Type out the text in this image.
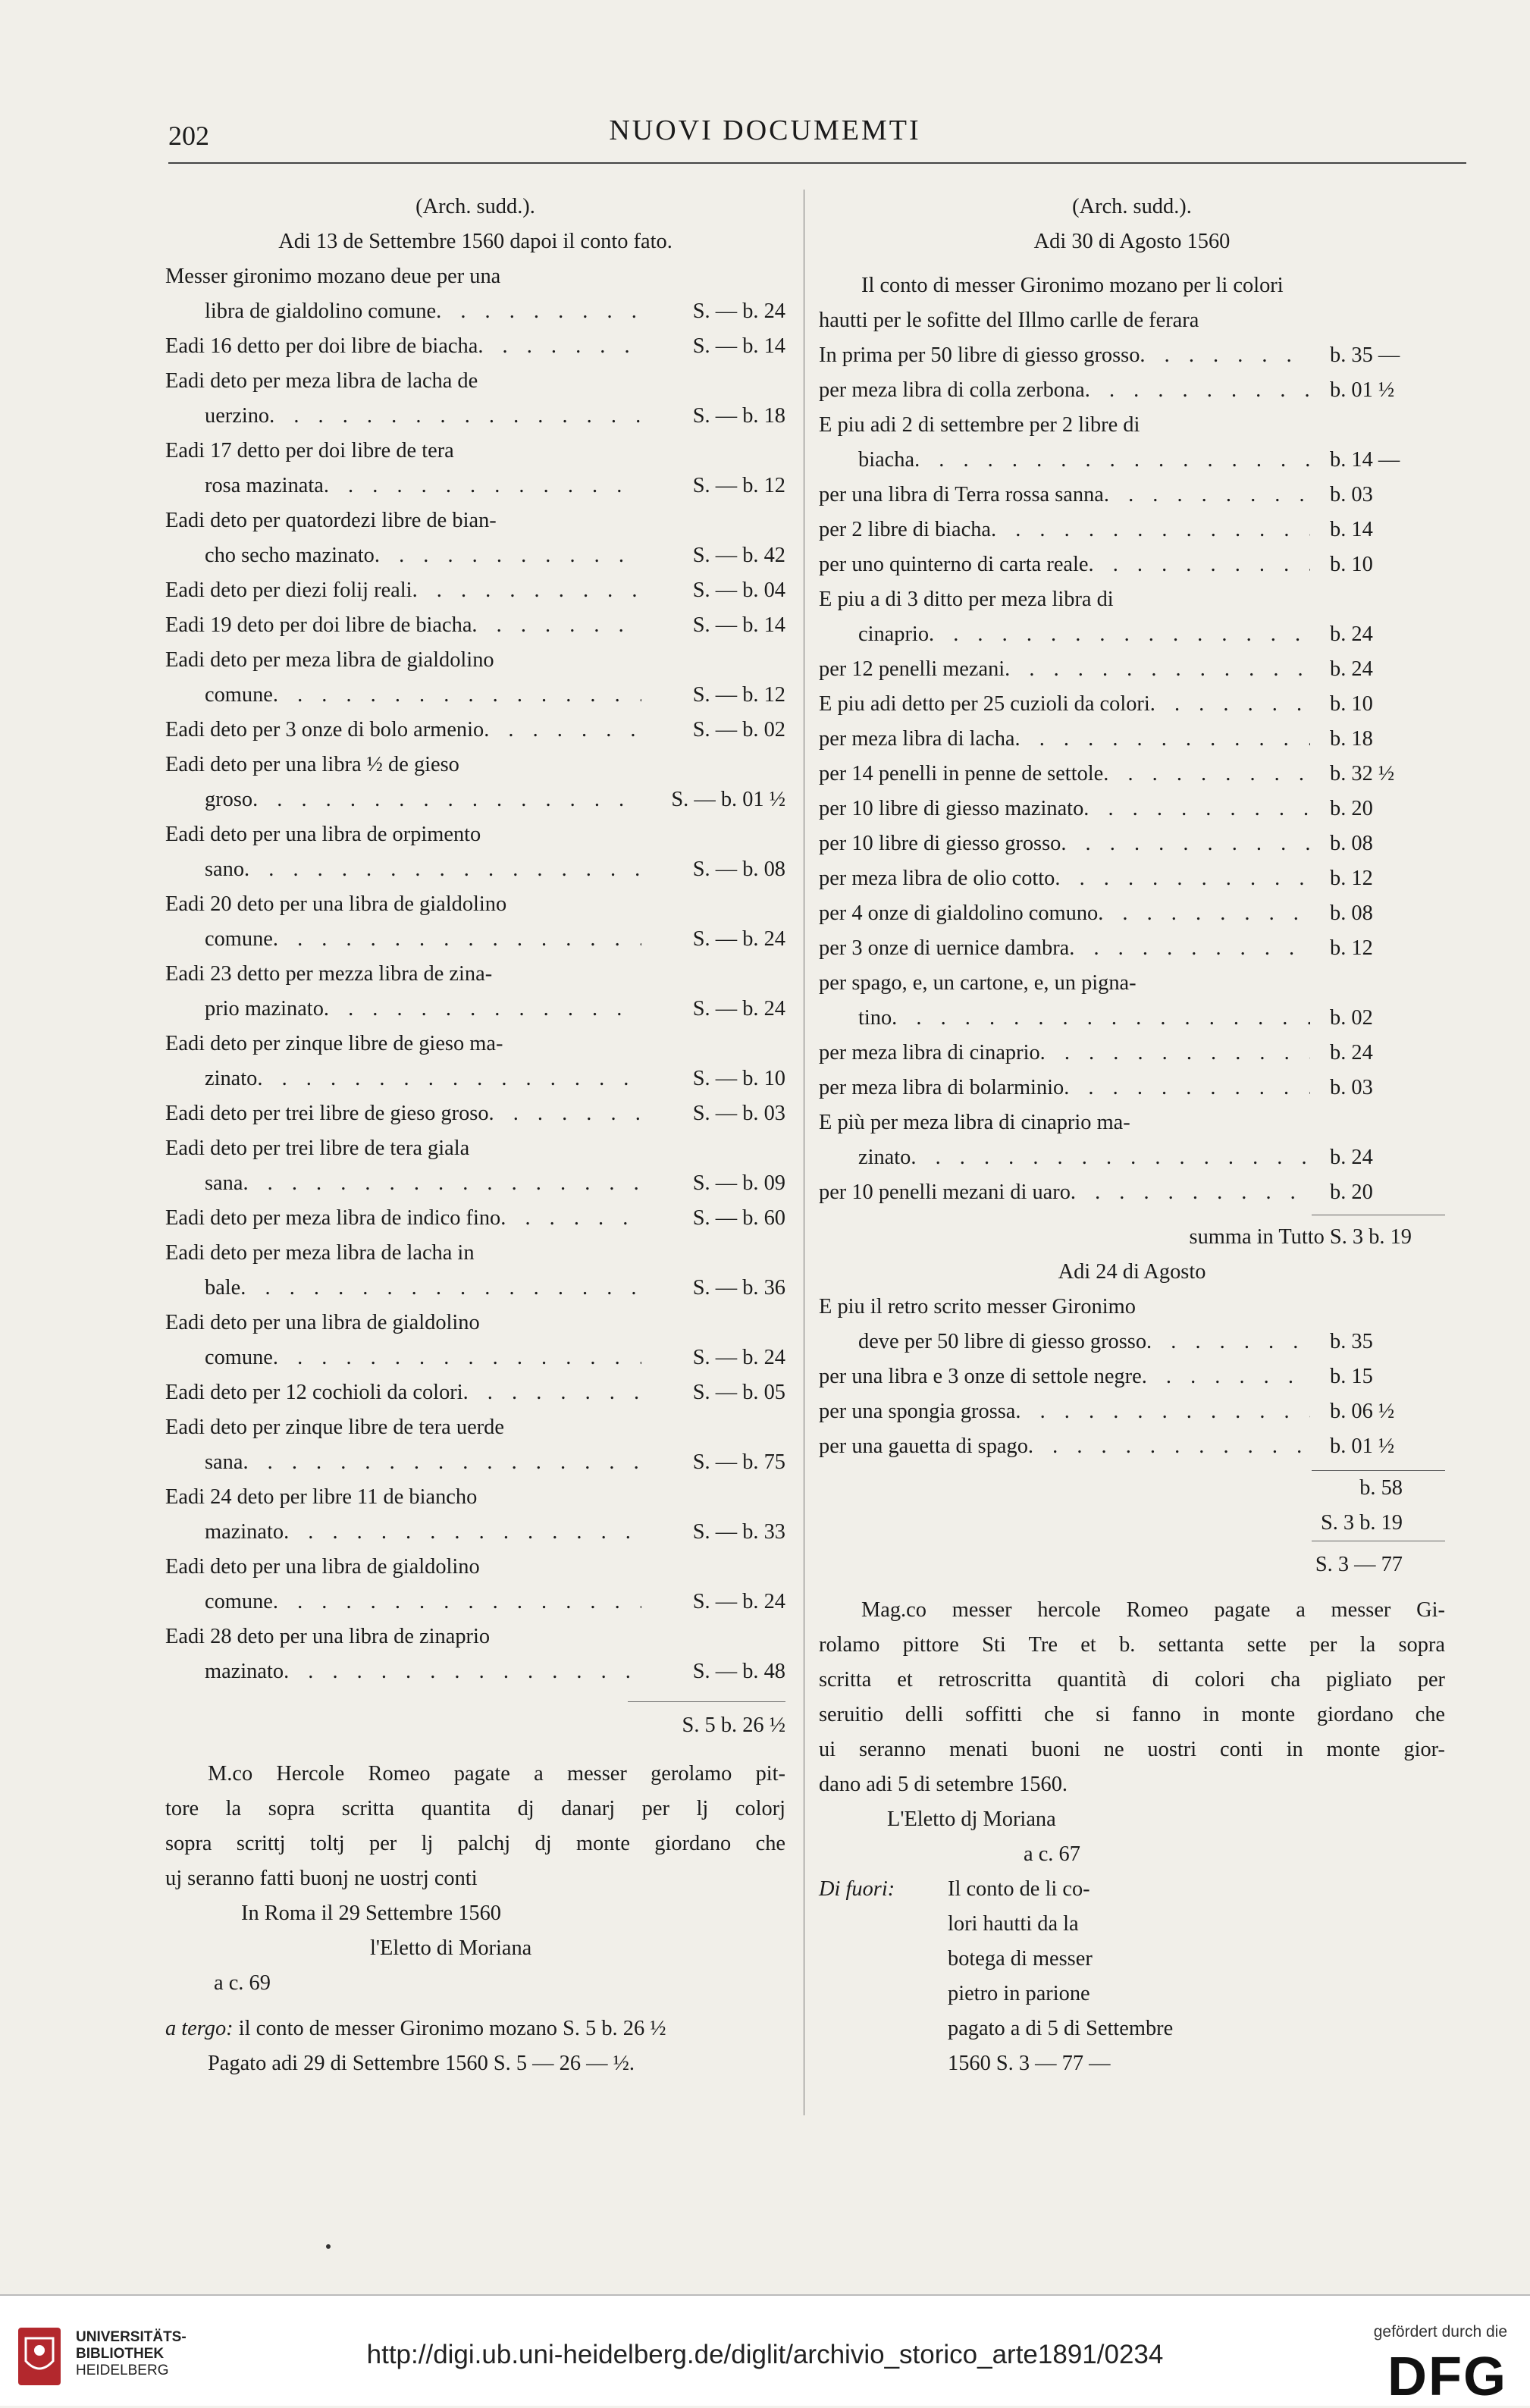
202	NUOVI DOCUMEMTI
(Arch. sudd.).
Adi 13 de Settembre 1560 dapoi il conto fato.
Messer gironimo mozano deue per una
libra de gialdolino comune . . .	S. — b. 24
Eadi 16 detto per doi libre de biacha . . .	S. — b. 14
Eadi deto per meza libra de lacha de
uerzino . . .	S. — b. 18
Eadi 17 detto per doi libre de tera
rosa mazinata . . .	S. — b. 12
Eadi deto per quatordezi libre de bian-
cho secho mazinato . . .	S. — b. 42
Eadi deto per diezi folij reali . . .	S. — b. 04
Eadi 19 deto per doi libre de biacha . . .	S. — b. 14
Eadi deto per meza libra de gialdolino
comune . . .	S. — b. 12
Eadi deto per 3 onze di bolo armenio . . .	S. — b. 02
Eadi deto per una libra ½ de gieso
groso . . .	S. — b. 01 ½
Eadi deto per una libra de orpimento
sano . . .	S. — b. 08
Eadi 20 deto per una libra de gialdolino
comune . . .	S. — b. 24
Eadi 23 detto per mezza libra de zina-
prio mazinato . . .	S. — b. 24
Eadi deto per zinque libre de gieso ma-
zinato . . .	S. — b. 10
Eadi deto per trei libre de gieso groso . . .	S. — b. 03
Eadi deto per trei libre de tera giala
sana . . .	S. — b. 09
Eadi deto per meza libra de indico fino . . .	S. — b. 60
Eadi deto per meza libra de lacha in
bale . . .	S. — b. 36
Eadi deto per una libra de gialdolino
comune . . .	S. — b. 24
Eadi deto per 12 cochioli da colori . . .	S. — b. 05
Eadi deto per zinque libre de tera uerde
sana . . .	S. — b. 75
Eadi 24 deto per libre 11 de biancho
mazinato . . .	S. — b. 33
Eadi deto per una libra de gialdolino
comune . . .	S. — b. 24
Eadi 28 deto per una libra de zinaprio
mazinato . . .	S. — b. 48
S. 5 b. 26 ½
M.co Hercole Romeo pagate a messer gerolamo pit-
tore la sopra scritta quantita dj danarj per lj colorj
sopra scrittj toltj per lj palchj dj monte giordano che
uj seranno fatti buonj ne uostrj conti
In Roma il 29 Settembre 1560
l'Eletto di Moriana
a c. 69
a tergo: il conto de messer Gironimo mozano S. 5 b. 26 ½
Pagato adi 29 di Settembre 1560 S. 5 — 26 — ½.
(Arch. sudd.).
Adi 30 di Agosto 1560
Il conto di messer Gironimo mozano per li colori
hautti per le sofitte del Illmo carlle de ferara
In prima per 50 libre di giesso grosso . . .	b. 35 —
per meza libra di colla zerbona . . .	b. 01 ½
E piu adi 2 di settembre per 2 libre di
biacha . . .	b. 14 —
per una libra di Terra rossa sanna . . .	b. 03
per 2 libre di biacha . . .	b. 14
per uno quinterno di carta reale . . .	b. 10
E piu a di 3 ditto per meza libra di
cinaprio . . .	b. 24
per 12 penelli mezani . . .	b. 24
E piu adi detto per 25 cuzioli da colori . . .	b. 10
per meza libra di lacha . . .	b. 18
per 14 penelli in penne de settole . . .	b. 32 ½
per 10 libre di giesso mazinato . . .	b. 20
per 10 libre di giesso grosso . . .	b. 08
per meza libra de olio cotto . . .	b. 12
per 4 onze di gialdolino comuno . . .	b. 08
per 3 onze di uernice dambra . . .	b. 12
per spago, e, un cartone, e, un pigna-
tino . . .	b. 02
per meza libra di cinaprio . . .	b. 24
per meza libra di bolarminio . . .	b. 03
E più per meza libra di cinaprio ma-
zinato . . .	b. 24
per 10 penelli mezani di uaro . . .	b. 20
summa in Tutto S. 3 b. 19
Adi 24 di Agosto
E piu il retro scrito messer Gironimo
deve per 50 libre di giesso grosso . . .	b. 35
per una libra e 3 onze di settole negre . . .	b. 15
per una spongia grossa . . .	b. 06 ½
per una gauetta di spago . . .	b. 01 ½
b. 58
S. 3 b. 19
S. 3 — 77
Mag.co messer hercole Romeo pagate a messer Gi-
rolamo pittore Sti Tre et b. settanta sette per la sopra
scritta et retroscritta quantità di colori cha pigliato per
seruitio delli soffitti che si fanno in monte giordano che
ui seranno menati buoni ne uostri conti in monte gior-
dano adi 5 di setembre 1560.
L'Eletto dj Moriana
a c. 67
Di fuori:	Il conto de li co-
lori hautti da la
botega di messer
pietro in parione
pagato a di 5 di Settembre
1560 S. 3 — 77 —
UNIVERSITÄTS-
BIBLIOTHEK
HEIDELBERG
http://digi.ub.uni-heidelberg.de/diglit/archivio_storico_arte1891/0234
gefördert durch die
DFG
